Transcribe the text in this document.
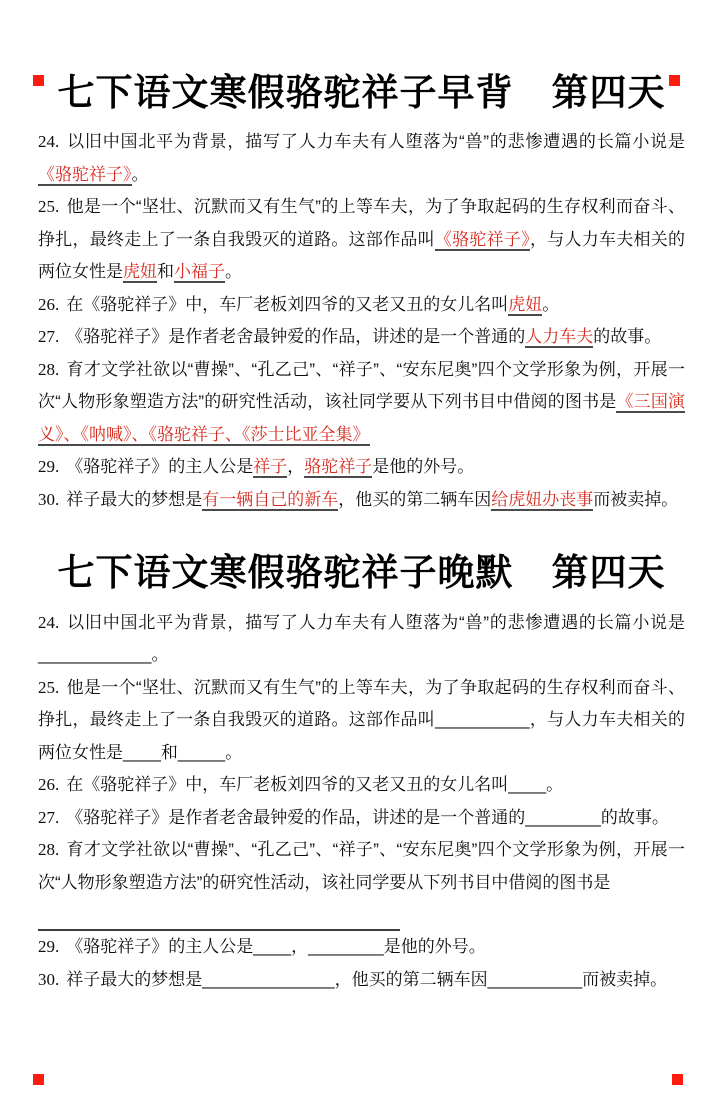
七下语文寒假骆驼祥子早背　第四天

24. 以旧中国北平为背景，描写了人力车夫有人堕落为“兽”的悲惨遭遇的长篇小说是《骆驼祥子》。

25. 他是一个“坚壮、沉默而又有生气”的上等车夫，为了争取起码的生存权利而奋斗、挣扎，最终走上了一条自我毁灭的道路。这部作品叫《骆驼祥子》，与人力车夫相关的两位女性是虎妞和小福子。

26. 在《骆驼祥子》中，车厂老板刘四爷的又老又丑的女儿名叫虎妞。

27. 《骆驼祥子》是作者老舍最钟爱的作品，讲述的是一个普通的人力车夫的故事。

28. 育才文学社欲以“曹操”、“孔乙己”、“祥子”、“安东尼奥”四个文学形象为例，开展一次“人物形象塑造方法”的研究性活动，该社同学要从下列书目中借阅的图书是《三国演义》、《呐喊》、《骆驼祥子、《莎士比亚全集》

29. 《骆驼祥子》的主人公是祥子，骆驼祥子是他的外号。

30. 祥子最大的梦想是有一辆自己的新车，他买的第二辆车因给虎妞办丧事而被卖掉。

七下语文寒假骆驼祥子晚默　第四天

24. 以旧中国北平为背景，描写了人力车夫有人堕落为“兽”的悲惨遭遇的长篇小说是____________。

25. 他是一个“坚壮、沉默而又有生气”的上等车夫，为了争取起码的生存权利而奋斗、挣扎，最终走上了一条自我毁灭的道路。这部作品叫__________，与人力车夫相关的两位女性是____和_____。

26. 在《骆驼祥子》中，车厂老板刘四爷的又老又丑的女儿名叫____。

27. 《骆驼祥子》是作者老舍最钟爱的作品，讲述的是一个普通的________的故事。

28. 育才文学社欲以“曹操”、“孔乙己”、“祥子”、“安东尼奥”四个文学形象为例，开展一次“人物形象塑造方法”的研究性活动，该社同学要从下列书目中借阅的图书是

29. 《骆驼祥子》的主人公是____，________是他的外号。

30. 祥子最大的梦想是______________，他买的第二辆车因__________而被卖掉。
